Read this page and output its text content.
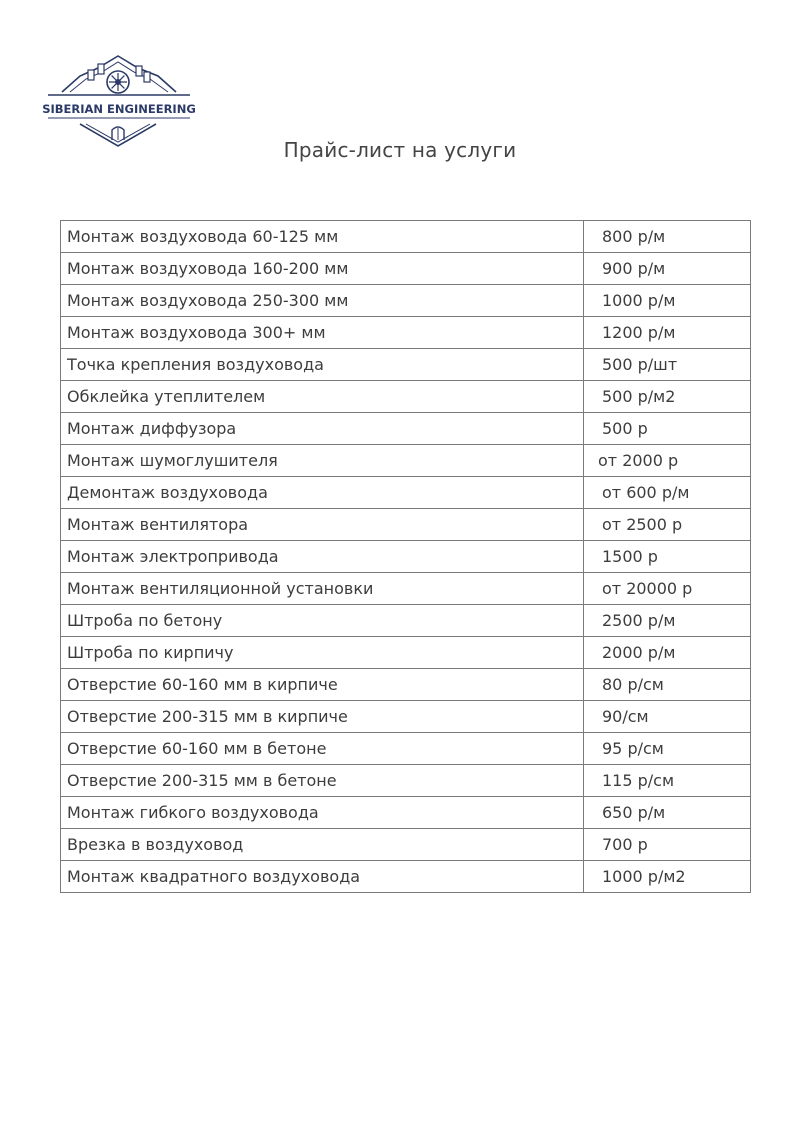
SIBERIAN ENGINEERING
Прайс-лист на услуги
Монтаж воздуховода 60-125 мм	800 р/м
Монтаж воздуховода 160-200 мм	900 р/м
Монтаж воздуховода 250-300 мм	1000 р/м
Монтаж воздуховода 300+ мм	1200 р/м
Точка крепления воздуховода	500 р/шт
Обклейка утеплителем	500 р/м2
Монтаж диффузора	500 р
Монтаж шумоглушителя	от 2000 р
Демонтаж воздуховода	от 600 р/м
Монтаж вентилятора	от 2500 р
Монтаж электропривода	1500 р
Монтаж вентиляционной установки	от 20000 р
Штроба по бетону	2500 р/м
Штроба по кирпичу	2000 р/м
Отверстие 60-160 мм в кирпиче	80 р/см
Отверстие 200-315 мм в кирпиче	90/см
Отверстие 60-160 мм в бетоне	95 р/см
Отверстие 200-315 мм в бетоне	115 р/см
Монтаж гибкого воздуховода	650 р/м
Врезка в воздуховод	700 р
Монтаж квадратного воздуховода	1000 р/м2
